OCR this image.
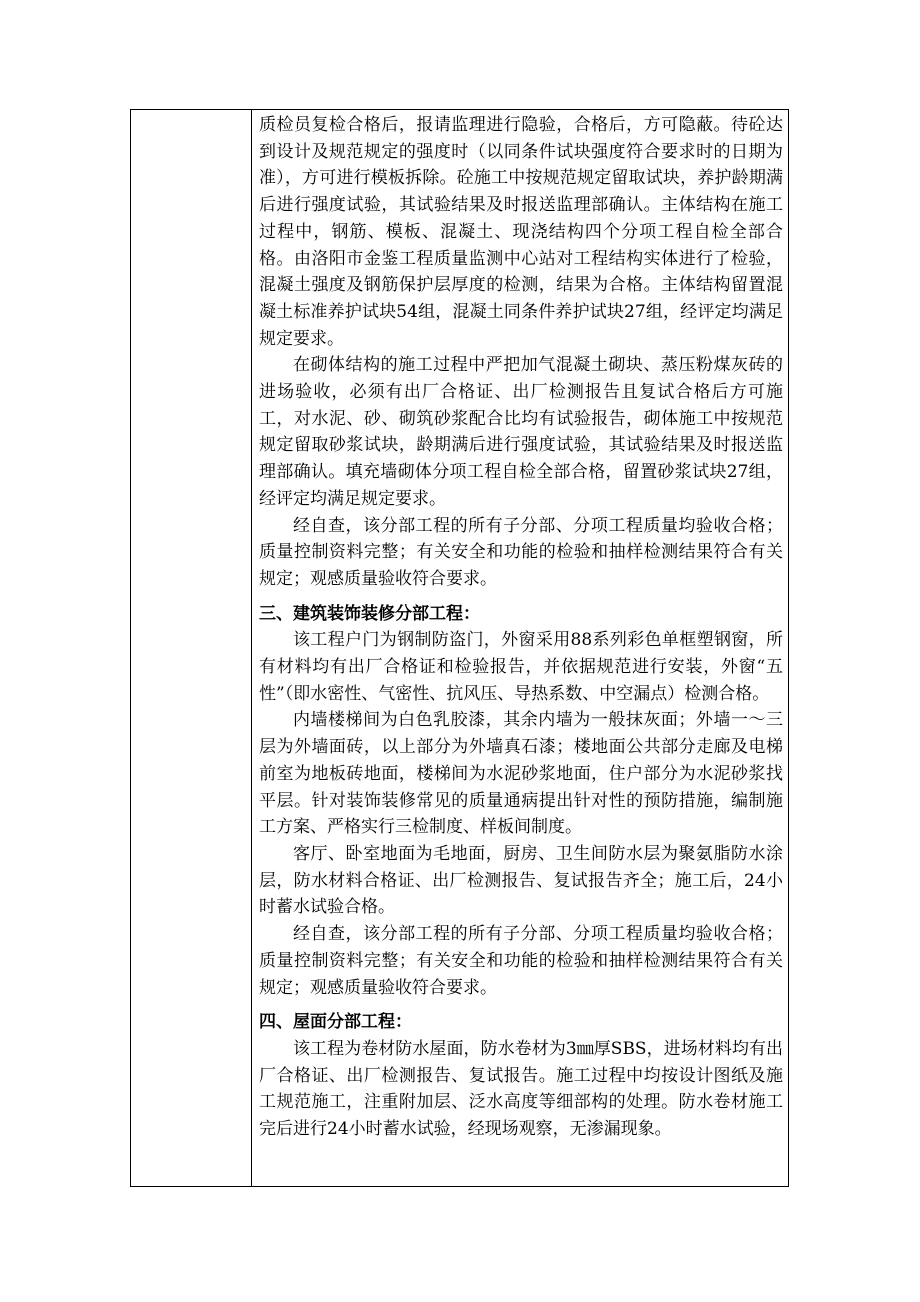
质检员复检合格后，报请监理进行隐验，合格后，方可隐蔽。待砼达到设计及规范规定的强度时（以同条件试块强度符合要求时的日期为准），方可进行模板拆除。砼施工中按规范规定留取试块，养护龄期满后进行强度试验，其试验结果及时报送监理部确认。主体结构在施工过程中，钢筋、模板、混凝土、现浇结构四个分项工程自检全部合格。由洛阳市金鉴工程质量监测中心站对工程结构实体进行了检验，混凝土强度及钢筋保护层厚度的检测，结果为合格。主体结构留置混凝土标准养护试块54组，混凝土同条件养护试块27组，经评定均满足规定要求。

在砌体结构的施工过程中严把加气混凝土砌块、蒸压粉煤灰砖的进场验收，必须有出厂合格证、出厂检测报告且复试合格后方可施工，对水泥、砂、砌筑砂浆配合比均有试验报告，砌体施工中按规范规定留取砂浆试块，龄期满后进行强度试验，其试验结果及时报送监理部确认。填充墙砌体分项工程自检全部合格，留置砂浆试块27组，经评定均满足规定要求。

经自查，该分部工程的所有子分部、分项工程质量均验收合格；质量控制资料完整；有关安全和功能的检验和抽样检测结果符合有关规定；观感质量验收符合要求。

三、建筑装饰装修分部工程：

该工程户门为钢制防盗门，外窗采用88系列彩色单框塑钢窗，所有材料均有出厂合格证和检验报告，并依据规范进行安装，外窗“五性”（即水密性、气密性、抗风压、导热系数、中空漏点）检测合格。

内墙楼梯间为白色乳胶漆，其余内墙为一般抹灰面；外墙一～三层为外墙面砖，以上部分为外墙真石漆；楼地面公共部分走廊及电梯前室为地板砖地面，楼梯间为水泥砂浆地面，住户部分为水泥砂浆找平层。针对装饰装修常见的质量通病提出针对性的预防措施，编制施工方案、严格实行三检制度、样板间制度。

客厅、卧室地面为毛地面，厨房、卫生间防水层为聚氨脂防水涂层，防水材料合格证、出厂检测报告、复试报告齐全；施工后，24小时蓄水试验合格。

经自查，该分部工程的所有子分部、分项工程质量均验收合格；质量控制资料完整；有关安全和功能的检验和抽样检测结果符合有关规定；观感质量验收符合要求。

四、屋面分部工程：

该工程为卷材防水屋面，防水卷材为3㎜厚SBS，进场材料均有出厂合格证、出厂检测报告、复试报告。施工过程中均按设计图纸及施工规范施工，注重附加层、泛水高度等细部构的处理。防水卷材施工完后进行24小时蓄水试验，经现场观察，无渗漏现象。
